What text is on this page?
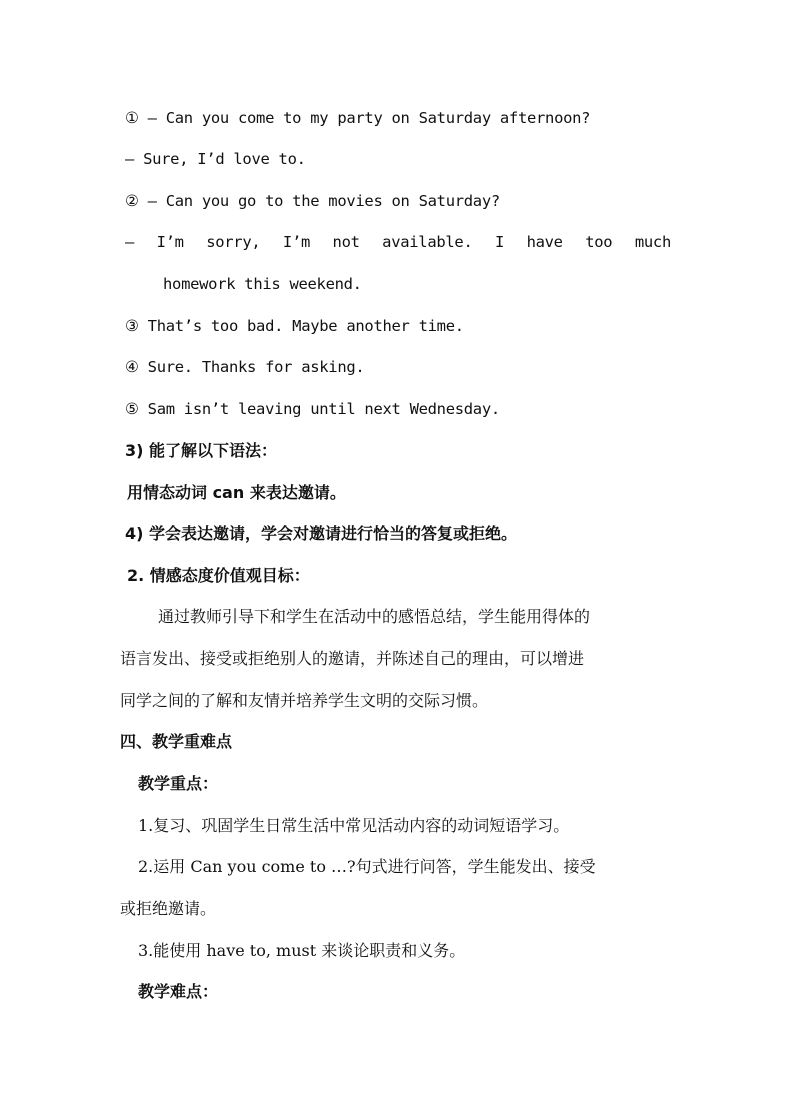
① — Can you come to my party on Saturday afternoon?
— Sure, I’d love to.
② — Can you go to the movies on Saturday?
— I’m sorry, I’m not available. I have too much
homework this weekend.
③ That’s too bad. Maybe another time.
④ Sure. Thanks for asking.
⑤ Sam isn’t leaving until next Wednesday.
3) 能了解以下语法：
用情态动词 can 来表达邀请。
4) 学会表达邀请，学会对邀请进行恰当的答复或拒绝。
2. 情感态度价值观目标：
通过教师引导下和学生在活动中的感悟总结，学生能用得体的
语言发出、接受或拒绝别人的邀请，并陈述自己的理由，可以增进
同学之间的了解和友情并培养学生文明的交际习惯。
四、教学重难点
教学重点：
1.复习、巩固学生日常生活中常见活动内容的动词短语学习。
2.运用 Can you come to …?句式进行问答，学生能发出、接受
或拒绝邀请。
3.能使用 have to, must 来谈论职责和义务。
教学难点：
